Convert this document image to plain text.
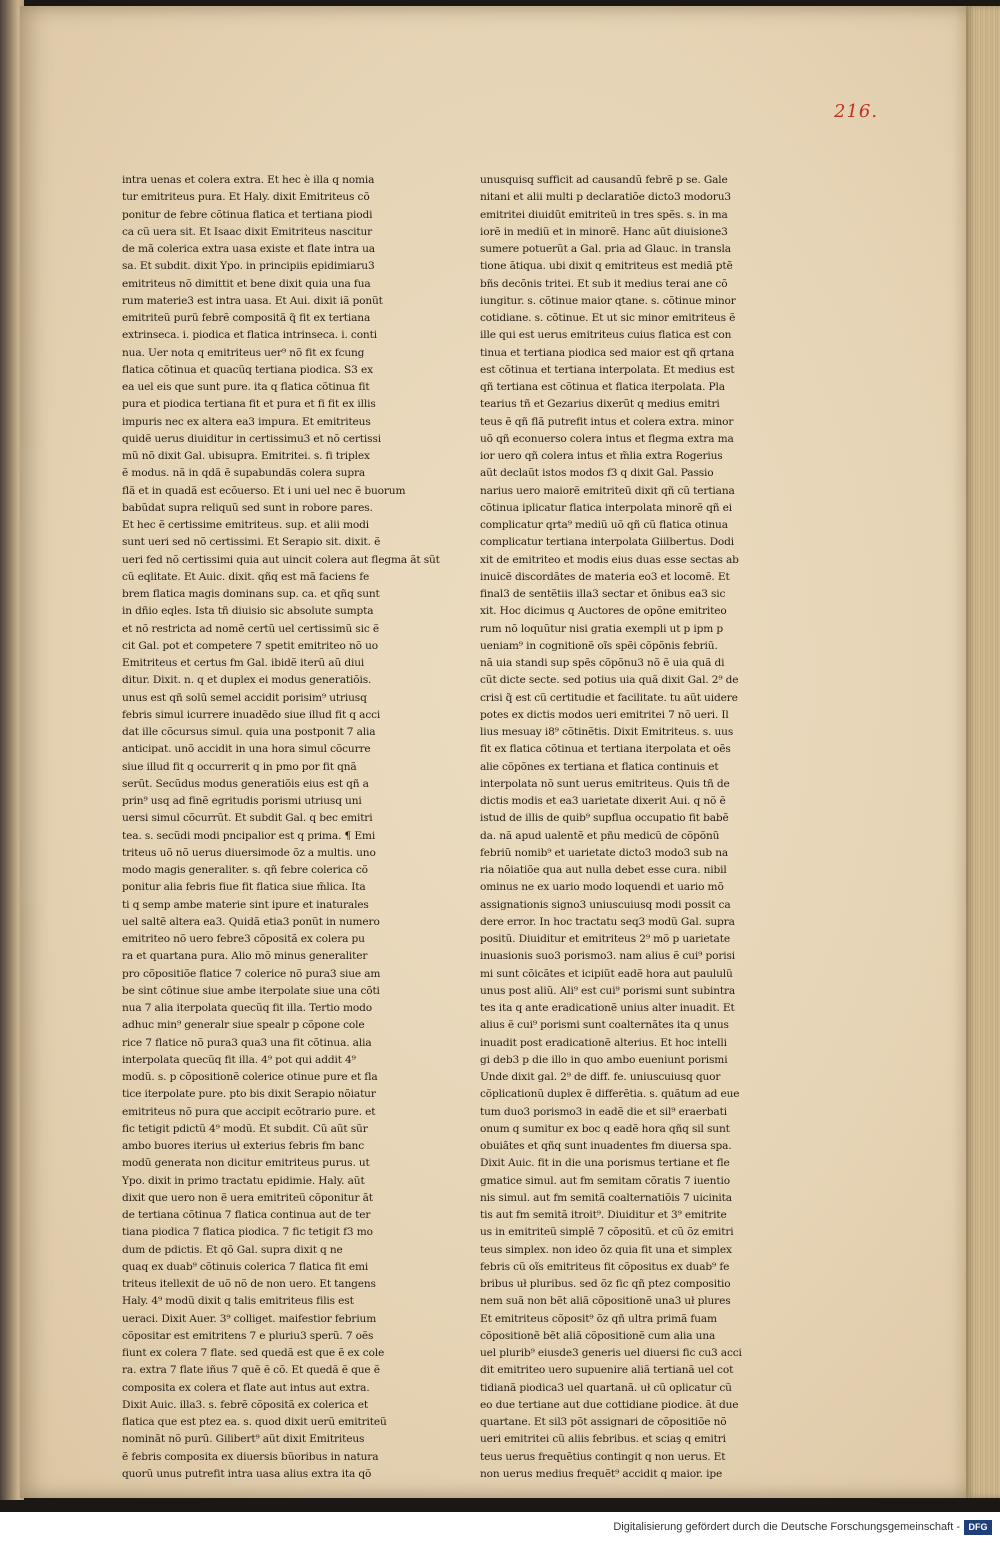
216.
intra uenas et colera extra. Et hec è illa q nomia
tur emitriteus pura. Et Haly. dixit Emitriteus cõ
ponitur de febre cõtinua flatica et tertiana piodi
ca cũ uera sit. Et Isaac dixit Emitriteus nascitur
de mã colerica extra uasa existe et flate intra ua
sa. Et subdit. dixit Ypo. in principiis epidimiaru3
emitriteus nõ dimittit et bene dixit quia una fua
rum materie3 est intra uasa. Et Aui. dixit iã ponũt
emitriteũ purũ febrẽ compositã q̃ fit ex tertiana
extrinseca. i. piodica et flatica intrinseca. i. conti
nua. Uer nota q emitriteus uer⁹ nõ fit ex fcung
flatica cõtinua et quacũq tertiana piodica. S3 ex
ea uel eis que sunt pure. ita q flatica cõtinua fit
pura et piodica tertiana fit et pura et fi fit ex illis
impuris nec ex altera ea3 impura. Et emitriteus
quidẽ uerus diuiditur in certissimu3 et nõ certissi
mũ nõ dixit Gal. ubisupra. Emitritei. s. fi triplex
ẽ modus. nã in qdã ẽ supabundãs colera supra
flã et in quadã est ecõuerso. Et i uni uel nec ẽ buorum
babũdat supra reliquũ sed sunt in robore pares.
Et hec ẽ certissime emitriteus. sup. et alii modi
sunt ueri sed nõ certissimi. Et Serapio sit. dixit. ẽ
ueri fed nõ certissimi quia aut uincit colera aut flegma ãt sũt
cũ eqlitate. Et Auic. dixit. qñq est mã faciens fe
brem flatica magis dominans sup. ca. et qñq sunt
in dñio eqles. Ista tñ diuisio sic absolute sumpta
et nõ restricta ad nomẽ certũ uel certissimũ sic ẽ
cit Gal. pot et competere 7 spetit emitriteo nõ uo
Emitriteus et certus fm Gal. ibidẽ iterũ aũ diui
ditur. Dixit. n. q et duplex ei modus generatiõis.
unus est qñ solũ semel accidit porisim⁹ utriusq
febris simul icurrere inuadẽdo siue illud fit q acci
dat ille cõcursus simul. quia una postponit 7 alia
anticipat. unõ accidit in una hora simul cõcurre
siue illud fit q occurrerit q in pmo por fit qnã
serũt. Secũdus modus generatiõis eius est qñ a
prin⁹ usq ad finẽ egritudis porismi utriusq uni
uersi simul cõcurrũt. Et subdit Gal. q bec emitri
tea. s. secũdi modi pncipalior est q prima. ¶ Emi
triteus uõ nõ uerus diuersimode õz a multis. uno
modo magis generaliter. s. qñ febre colerica cõ
ponitur alia febris fiue fit flatica siue m̃lica. Ita
ti q semp ambe materie sint ipure et inaturales
uel saltẽ altera ea3. Quidã etia3 ponũt in numero
emitriteo nõ uero febre3 cõpositã ex colera pu
ra et quartana pura. Alio mõ minus generaliter
pro cõpositiõe flatice 7 colerice nõ pura3 siue am
be sint cõtinue siue ambe iterpolate siue una cõti
nua 7 alia iterpolata quecũq fit illa. Tertio modo
adhuc min⁹ generalr siue spealr p cõpone cole
rice 7 flatice nõ pura3 qua3 una fit cõtinua. alia
interpolata quecũq fit illa. 4⁹ pot qui addit 4⁹
modũ. s. p cõpositionẽ colerice otinue pure et fla
tice iterpolate pure. pto bis dixit Serapio nõiatur
emitriteus nõ pura que accipit ecõtrario pure. et
fic tetigit pdictũ 4⁹ modũ. Et subdit. Cũ aũt sũr
ambo buores iterius uł exterius febris fm banc
modũ generata non dicitur emitriteus purus. ut
Ypo. dixit in primo tractatu epidimie. Haly. aũt
dixit que uero non ẽ uera emitriteũ cõponitur ãt
de tertiana cõtinua 7 flatica continua aut de ter
tiana piodica 7 flatica piodica. 7 fic tetigit f3 mo
dum de pdictis. Et qõ Gal. supra dixit q ne
quaq ex duab⁹ cõtinuis colerica 7 flatica fit emi
triteus itellexit de uõ nõ de non uero. Et tangens
Haly. 4⁹ modũ dixit q talis emitriteus filis est
ueraci. Dixit Auer. 3⁹ colliget. maifestior febrium
cõpositar est emitritens 7 e pluriu3 sperũ. 7 oẽs
fiunt ex colera 7 flate. sed quedã est que ẽ ex cole
ra. extra 7 flate iñus 7 quẽ ẽ cõ. Et quedã ẽ que ẽ
composita ex colera et flate aut intus aut extra.
Dixit Auic. illa3. s. febrẽ cõpositã ex colerica et
flatica que est ptez ea. s. quod dixit uerũ emitriteũ
nominãt nõ purũ. Gilibert⁹ aũt dixit Emitriteus
ẽ febris composita ex diuersis bũoribus in natura
quorũ unus putrefit intra uasa alius extra ita qõ
unusquisq sufficit ad causandũ febrẽ p se. Gale
nitani et alii multi p declaratiõe dicto3 modoru3
emitritei diuidũt emitriteũ in tres spẽs. s. in ma
iorẽ in mediũ et in minorẽ. Hanc aũt diuisione3
sumere potuerũt a Gal. pria ad Glauc. in transla
tione ãtiqua. ubi dixit q emitriteus est mediã ptẽ
bñs decõnis tritei. Et sub it medius terai ane cõ
iungitur. s. cõtinue maior qtane. s. cõtinue minor
cotidiane. s. cõtinue. Et ut sic minor emitriteus ẽ
ille qui est uerus emitriteus cuius flatica est con
tinua et tertiana piodica sed maior est qñ qrtana
est cõtinua et tertiana interpolata. Et medius est
qñ tertiana est cõtinua et flatica iterpolata. Pla
tearius tñ et Gezarius dixerũt q medius emitri
teus ẽ qñ flã putrefit intus et colera extra. minor
uõ qñ econuerso colera intus et flegma extra ma
ior uero qñ colera intus et m̃lia extra Rogerius
aũt declaũt istos modos f3 q dixit Gal. Passio
narius uero maiorẽ emitriteũ dixit qñ cũ tertiana
cõtinua iplicatur flatica interpolata minorẽ qñ ei
complicatur qrta⁹ mediũ uõ qñ cũ flatica otinua
complicatur tertiana interpolata Giilbertus. Dodi
xit de emitriteo et modis eius duas esse sectas ab
inuicẽ discordãtes de materia eo3 et locomẽ. Et
final3 de sentẽtiis illa3 sectar et õnibus ea3 sic
xit. Hoc dicimus q Auctores de opõne emitriteo
rum nõ loquũtur nisi gratia exempli ut p ipm p
ueniam⁹ in cognitionẽ oĩs spẽi cõpõnis febriũ.
nã uia standi sup spẽs cõpõnu3 nõ ẽ uia quã di
cũt dicte secte. sed potius uia quã dixit Gal. 2⁹ de
crisi q̃ est cũ certitudie et facilitate. tu aũt uidere
potes ex dictis modos ueri emitritei 7 nõ ueri. Il
lius mesuay i8⁹ cõtinẽtis. Dixit Emitriteus. s. uus
fit ex flatica cõtinua et tertiana iterpolata et oẽs
alie cõpõnes ex tertiana et flatica continuis et
interpolata nõ sunt uerus emitriteus. Quis tñ de
dictis modis et ea3 uarietate dixerit Aui. q nõ ẽ
istud de illis de quib⁹ supflua occupatio fit babẽ
da. nã apud ualentẽ et pñu medicũ de cõpõnũ
febriũ nomib⁹ et uarietate dicto3 modo3 sub na
ria nõiatiõe qua aut nulla debet esse cura. nibil
ominus ne ex uario modo loquendi et uario mõ
assignationis signo3 uniuscuiusq modi possit ca
dere error. In hoc tractatu seq3 modũ Gal. supra
positũ. Diuiditur et emitriteus 2⁹ mõ p uarietate
inuasionis suo3 porismo3. nam alius ẽ cui⁹ porisi
mi sunt cõicãtes et icipiũt eadẽ hora aut paululũ
unus post aliũ. Ali⁹ est cui⁹ porismi sunt subintra
tes ita q ante eradicationẽ unius alter inuadit. Et
alius ẽ cui⁹ porismi sunt coalternãtes ita q unus
inuadit post eradicationẽ alterius. Et hoc intelli
gi deb3 p die illo in quo ambo eueniunt porismi
Unde dixit gal. 2⁹ de diff. fe. uniuscuiusq quor
cõplicationũ duplex ẽ differẽtia. s. quãtum ad eue
tum duo3 porismo3 in eadẽ die et sil⁹ eraerbati
onum q sumitur ex boc q eadẽ hora qñq sil sunt
obuiãtes et qñq sunt inuadentes fm diuersa spa.
Dixit Auic. fit in die una porismus tertiane et fle
gmatice simul. aut fm semitam cõratis 7 iuentio
nis simul. aut fm semitã coalternatiõis 7 uicinita
tis aut fm semitã itroit⁹. Diuiditur et 3⁹ emitrite
us in emitriteũ simplẽ 7 cõpositũ. et cũ õz emitri
teus simplex. non ideo õz quia fit una et simplex
febris cũ oĩs emitriteus fit cõpositus ex duab⁹ fe
bribus uł pluribus. sed õz fic qñ ptez compositio
nem suã non bẽt aliã cõpositionẽ una3 uł plures
Et emitriteus cõposit⁹ õz qñ ultra primã fuam
cõpositionẽ bẽt aliã cõpositionẽ cum alia una
uel plurib⁹ eiusde3 generis uel diuersi fic cu3 acci
dit emitriteo uero supuenire aliã tertianã uel cot
tidianã piodica3 uel quartanã. uł cũ oplicatur cũ
eo due tertiane aut due cottidiane piodice. ãt due
quartane. Et sil3 põt assignari de cõpositiõe nõ
ueri emitritei cũ aliis febribus. et sciaş q emitri
teus uerus frequẽtius contingit q non uerus. Et
non uerus medius frequẽt⁹ accidit q maior. ipe
Digitalisierung gefördert durch die Deutsche Forschungsgemeinschaft - DFG
